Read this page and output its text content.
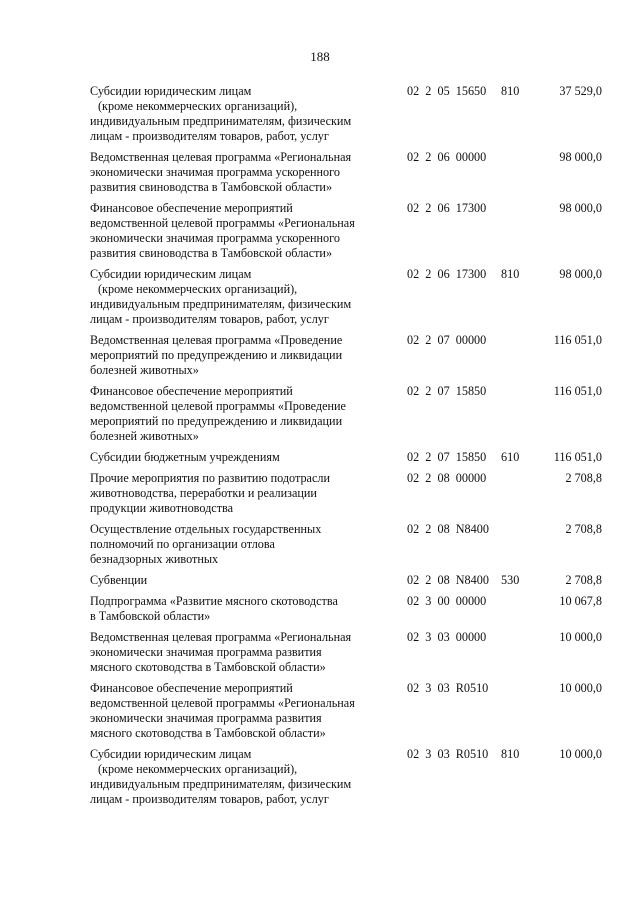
188
Субсидии юридическим лицам
(кроме некоммерческих организаций),
индивидуальным предпринимателям, физическим
лицам - производителям товаров, работ, услуг
02  2  05  15650 810	37 529,0
Ведомственная целевая программа «Региональная
экономически значимая программа ускоренного
развития свиноводства в Тамбовской области»
02  2  06  00000	98 000,0
Финансовое обеспечение мероприятий
ведомственной целевой программы «Региональная
экономически значимая программа ускоренного
развития свиноводства в Тамбовской области»
02  2  06  17300	98 000,0
Субсидии юридическим лицам
(кроме некоммерческих организаций),
индивидуальным предпринимателям, физическим
лицам - производителям товаров, работ, услуг
02  2  06  17300 810	98 000,0
Ведомственная целевая программа «Проведение
мероприятий по предупреждению и ликвидации
болезней животных»
02  2  07  00000	116 051,0
Финансовое обеспечение мероприятий
ведомственной целевой программы «Проведение
мероприятий по предупреждению и ликвидации
болезней животных»
02  2  07  15850	116 051,0
Субсидии бюджетным учреждениям	02  2  07  15850 610	116 051,0
Прочие мероприятия по развитию подотрасли
животноводства, переработки и реализации
продукции животноводства
02  2  08  00000	2 708,8
Осуществление отдельных государственных
полномочий по организации отлова
безнадзорных животных
02  2  08  N8400	2 708,8
Субвенции	02  2  08  N8400 530	2 708,8
Подпрограмма «Развитие мясного скотоводства
в Тамбовской области»
02  3  00  00000	10 067,8
Ведомственная целевая программа «Региональная
экономически значимая программа развития
мясного скотоводства в Тамбовской области»
02  3  03  00000	10 000,0
Финансовое обеспечение мероприятий
ведомственной целевой программы «Региональная
экономически значимая программа развития
мясного скотоводства в Тамбовской области»
02  3  03  R0510	10 000,0
Субсидии юридическим лицам
(кроме некоммерческих организаций),
индивидуальным предпринимателям, физическим
лицам - производителям товаров, работ, услуг
02  3  03  R0510 810	10 000,0
